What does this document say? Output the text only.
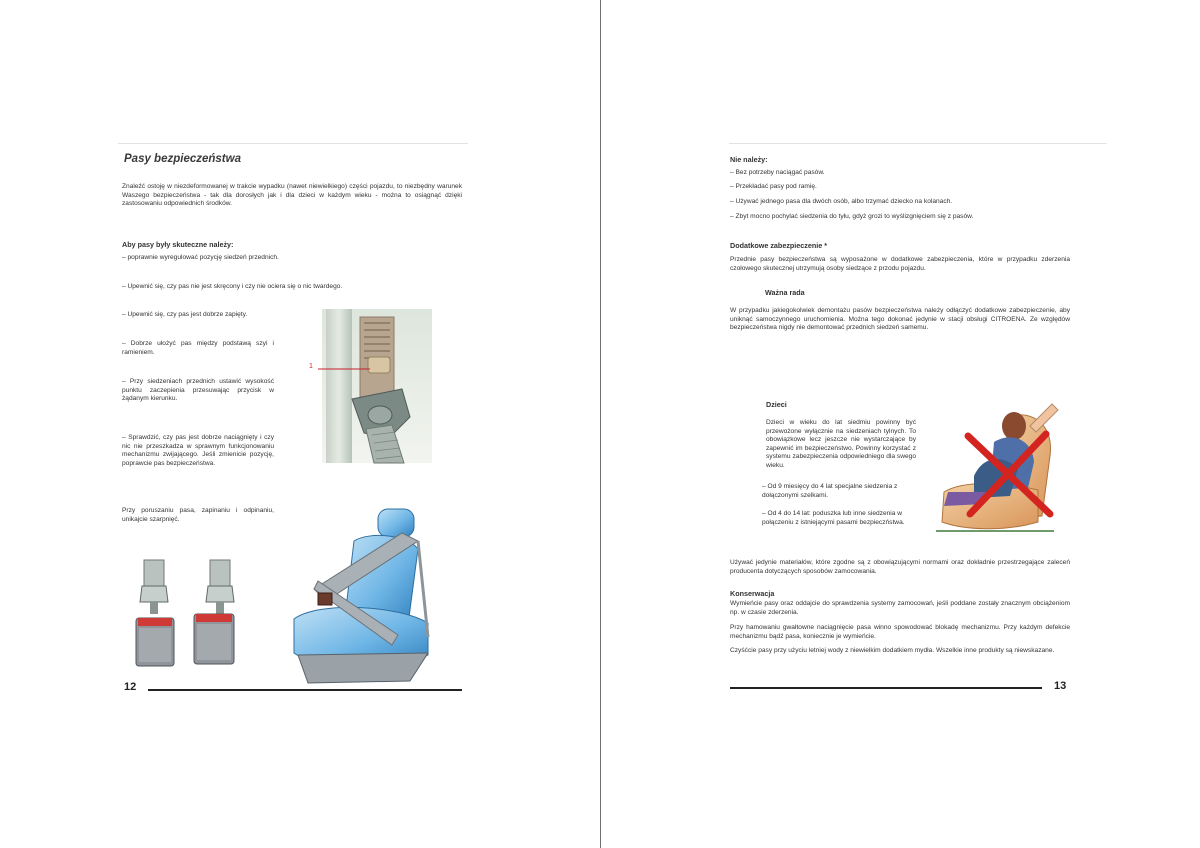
Pasy bezpieczeństwa
Znaleźć ostoję w niezdeformowanej w trakcie wypadku (nawet niewielkiego) części pojazdu, to niezbędny warunek Waszego bezpieczeństwa - tak dla dorosłych jak i dla dzieci w każdym wieku - można to osiągnąć dzięki zastosowaniu odpowiednich środków.
Aby pasy były skuteczne należy:
– poprawnie wyregulować pozycję siedzeń przednich.
– Upewnić się, czy pas nie jest skręcony i czy nie ociera się o nic twardego.
– Upewnić się, czy pas jest dobrze zapięty.
– Dobrze ułożyć pas między podstawą szyi i ramieniem.
– Przy siedzeniach przednich ustawić wysokość punktu zaczepienia przesuwając przycisk w żądanym kierunku.
– Sprawdzić, czy pas jest dobrze naciągnięty i czy nic nie przeszkadza w sprawnym funkcjonowaniu mechanizmu zwijającego. Jeśli zmienicie pozycję, poprawcie pas bezpieczeństwa.
Przy poruszaniu pasa, zapinaniu i odpinaniu, unikajcie szarpnięć.
1
12
Nie należy:
– Bez potrzeby naciągać pasów.
– Przekładać pasy pod ramię.
– Używać jednego pasa dla dwóch osób, albo trzymać dziecko na kolanach.
– Zbyt mocno pochylać siedzenia do tyłu, gdyż grozi to wyślizgnięciem się z pasów.
Dodatkowe zabezpieczenie *
Przednie pasy bezpieczeństwa są wyposażone w dodatkowe zabezpieczenia, które w przypadku zderzenia czołowego skutecznej utrzymują osoby siedzące z przodu pojazdu.
Ważna rada
W przypadku jakiegokolwiek demontażu pasów bezpieczeństwa należy odłączyć dodatkowe zabezpieczenie, aby uniknąć samoczynnego uruchomienia. Można tego dokonać jedynie w stacji obsługi CITROENA. Ze względów bezpieczeństwa nigdy nie demontować przednich siedzeń samemu.
Dzieci
Dzieci w wieku do lat siedmiu powinny być przewożone wyłącznie na siedzeniach tylnych. To obowiązkowe lecz jeszcze nie wystarczające by zapewnić im bezpieczeństwo. Powinny korzystać z systemu zabezpieczenia odpowiedniego dla swego wieku.
– Od 9 miesięcy do 4 lat specjalne siedzenia z dołączonymi szelkami.
– Od 4 do 14 lat: poduszka lub inne siedzenia w połączeniu z istniejącymi pasami bezpieczństwa.
Używać jedynie materiałów, które zgodne są z obowiązującymi normami oraz dokładnie przestrzegające zaleceń producenta dotyczących sposobów zamocowania.
Konserwacja
Wymieńcie pasy oraz oddajcie do sprawdzenia systemy zamocowań, jeśli poddane zostały znacznym obciążeniom np. w czasie zderzenia.
Przy hamowaniu gwałtowne naciągnięcie pasa winno spowodować blokadę mechanizmu. Przy każdym defekcie mechanizmu bądź pasa, koniecznie je wymieńcie.
Czyśćcie pasy przy użyciu letniej wody z niewielkim dodatkiem mydła. Wszelkie inne produkty są niewskazane.
13
